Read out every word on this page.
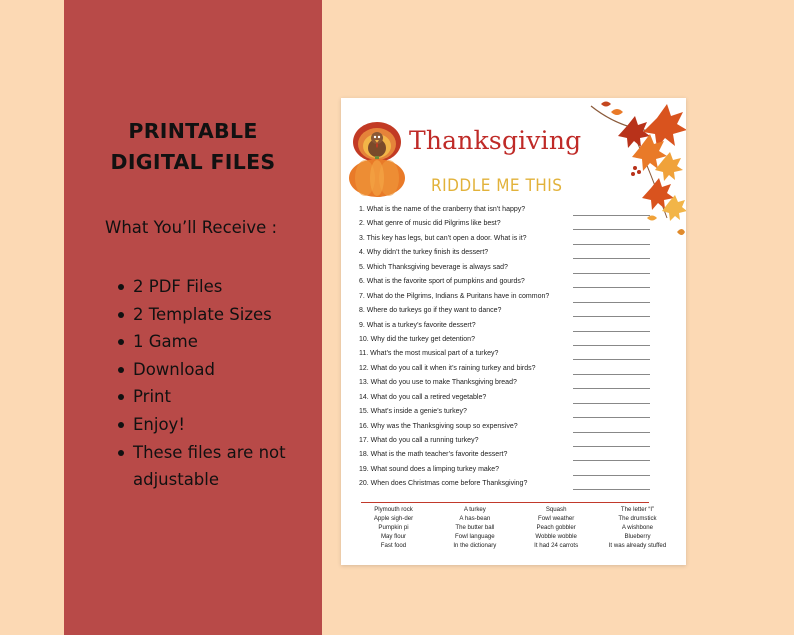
PRINTABLE
DIGITAL FILES
What You’ll Receive :
2 PDF Files
2 Template Sizes
1 Game
Download
Print
Enjoy!
These files are not adjustable
Thanksgiving
RIDDLE ME THIS
1. What is the name of the cranberry that isn’t happy?
2. What genre of music did Pilgrims like best?
3. This key has legs, but can’t open a door. What is it?
4. Why didn’t the turkey finish its dessert?
5. Which Thanksgiving beverage is always sad?
6. What is the favorite sport of pumpkins and gourds?
7. What do the Pilgrims, Indians & Puritans have in common?
8. Where do turkeys go if they want to dance?
9. What is a turkey’s favorite dessert?
10. Why did the turkey get detention?
11. What’s the most musical part of a turkey?
12. What do you call it when it’s raining turkey and birds?
13. What do you use to make Thanksgiving bread?
14. What do you call a retired vegetable?
15. What’s inside a genie’s turkey?
16. Why was the Thanksgiving soup so expensive?
17. What do you call a running turkey?
18. What is the math teacher’s favorite dessert?
19. What sound does a limping turkey make?
20. When does Christmas come before Thanksgiving?
Plymouth rock
Apple sigh-der
Pumpkin pi
May flour
Fast food
A turkey
A has-bean
The butter ball
Fowl language
In the dictionary
Squash
Fowl weather
Peach gobbler
Wobble wobble
It had 24 carrots
The letter “I”
The drumstick
A wishbone
Blueberry
It was already stuffed
